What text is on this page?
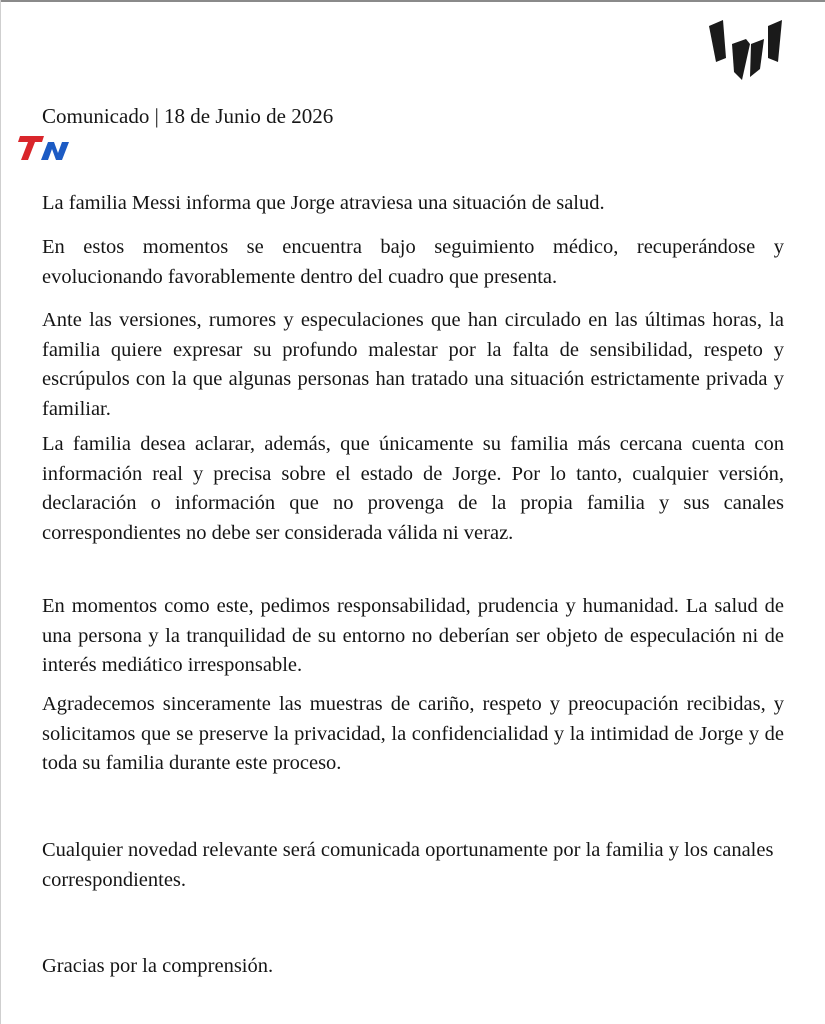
Comunicado | 18 de Junio de 2026

La familia Messi informa que Jorge atraviesa una situación de salud.

En estos momentos se encuentra bajo seguimiento médico, recuperándose y evolucionando favorablemente dentro del cuadro que presenta.

Ante las versiones, rumores y especulaciones que han circulado en las últimas horas, la familia quiere expresar su profundo malestar por la falta de sensibilidad, respeto y escrúpulos con la que algunas personas han tratado una situación estrictamente privada y familiar.

La familia desea aclarar, además, que únicamente su familia más cercana cuenta con información real y precisa sobre el estado de Jorge. Por lo tanto, cualquier versión, declaración o información que no provenga de la propia familia y sus canales correspondientes no debe ser considerada válida ni veraz.

En momentos como este, pedimos responsabilidad, prudencia y humanidad. La salud de una persona y la tranquilidad de su entorno no deberían ser objeto de especulación ni de interés mediático irresponsable.

Agradecemos sinceramente las muestras de cariño, respeto y preocupación recibidas, y solicitamos que se preserve la privacidad, la confidencialidad y la intimidad de Jorge y de toda su familia durante este proceso.

Cualquier novedad relevante será comunicada oportunamente por la familia y los canales correspondientes.

Gracias por la comprensión.
